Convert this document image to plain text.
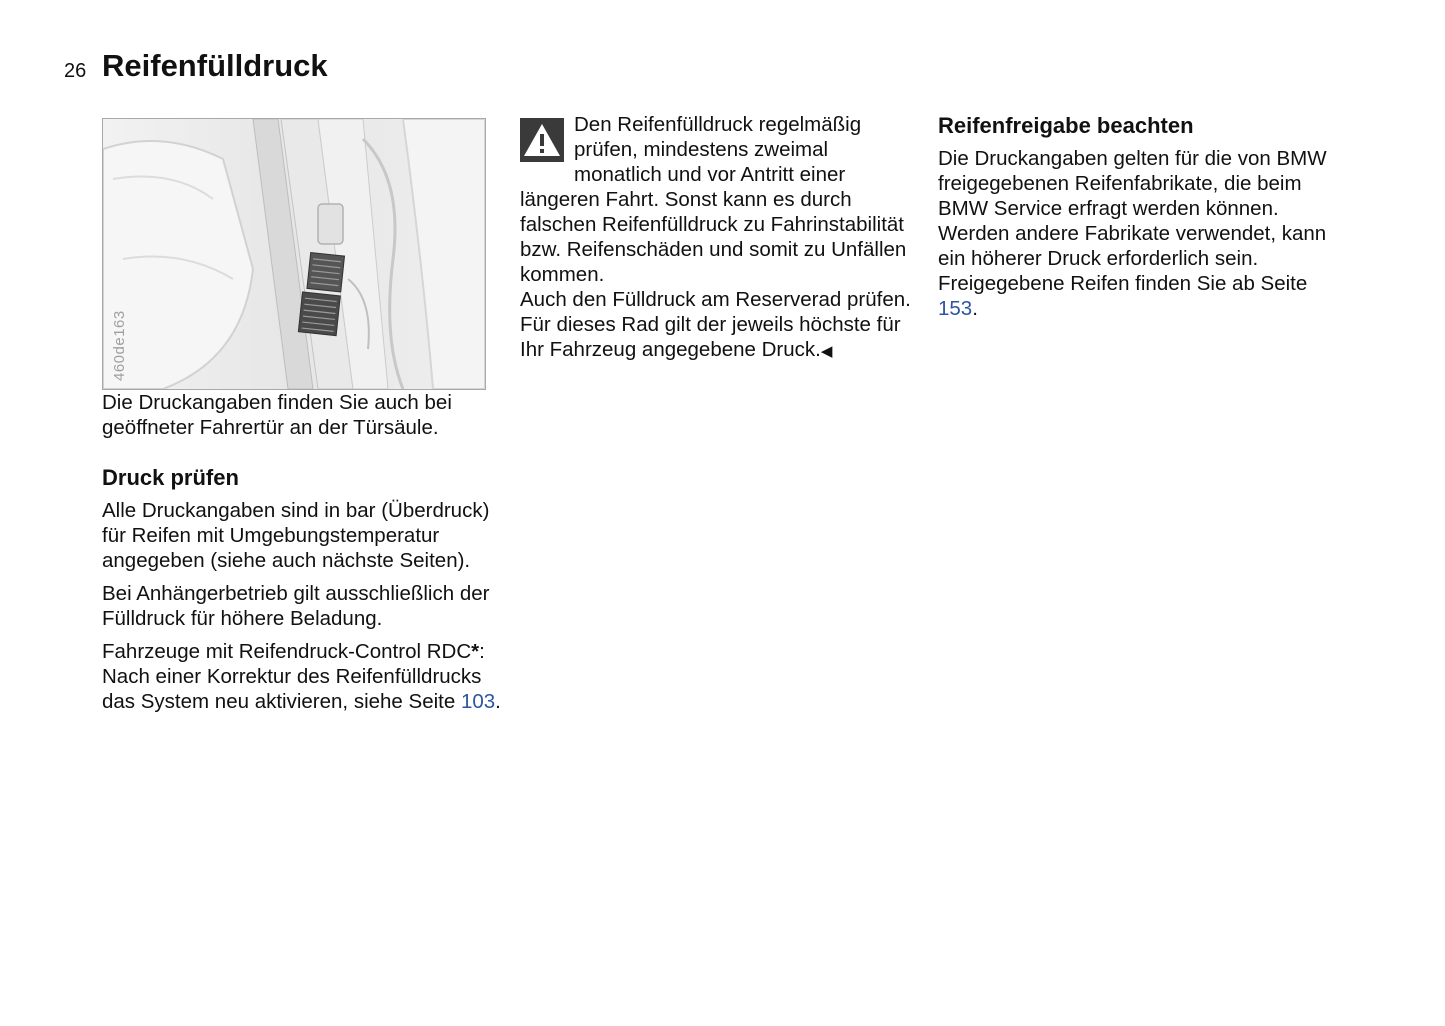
26 Reifenfülldruck
460de163

Die Druckangaben finden Sie auch bei geöffneter Fahrertür an der Türsäule.

Druck prüfen

Alle Druckangaben sind in bar (Überdruck) für Reifen mit Umgebungstemperatur angegeben (siehe auch nächste Seiten).

Bei Anhängerbetrieb gilt ausschließlich der Fülldruck für höhere Beladung.

Fahrzeuge mit Reifendruck-Control RDC*:
Nach einer Korrektur des Reifenfülldrucks das System neu aktivieren, siehe Seite 103.

Den Reifenfülldruck regelmäßig prüfen, mindestens zweimal monatlich und vor Antritt einer längeren Fahrt. Sonst kann es durch falschen Reifenfülldruck zu Fahrinstabilität bzw. Reifenschäden und somit zu Unfällen kommen.

Auch den Fülldruck am Reserverad prüfen. Für dieses Rad gilt der jeweils höchste für Ihr Fahrzeug angegebene Druck.◀

Reifenfreigabe beachten

Die Druckangaben gelten für die von BMW freigegebenen Reifenfabrikate, die beim BMW Service erfragt werden können. Werden andere Fabrikate verwendet, kann ein höherer Druck erforderlich sein. Freigegebene Reifen finden Sie ab Seite 153.
